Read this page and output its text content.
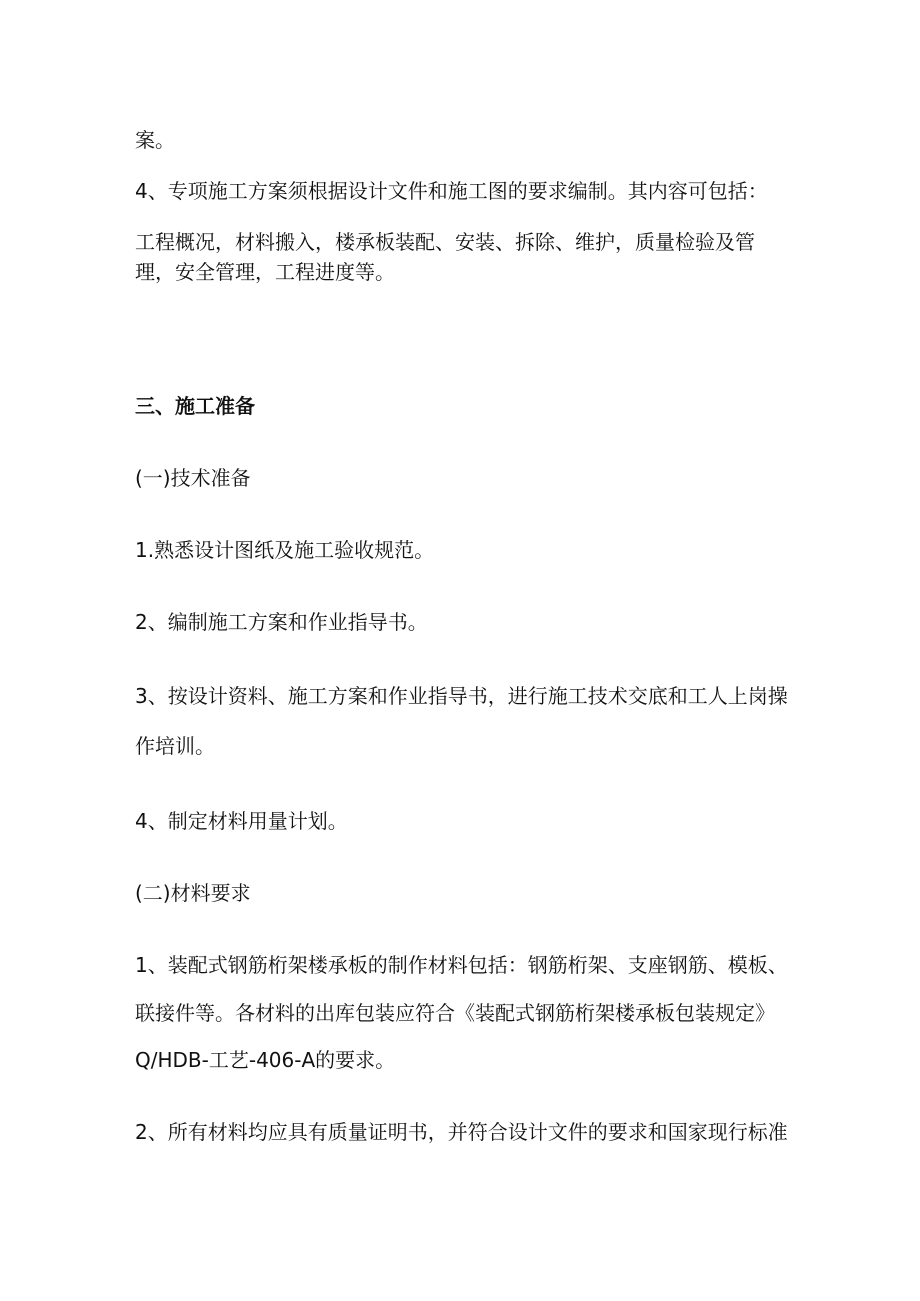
案。

4、专项施工方案须根据设计文件和施工图的要求编制。其内容可包括：

工程概况，材料搬入，楼承板装配、安装、拆除、维护，质量检验及管

理，安全管理，工程进度等。

三、施工准备

(一)技术准备

1.熟悉设计图纸及施工验收规范。

2、编制施工方案和作业指导书。

3、按设计资料、施工方案和作业指导书，进行施工技术交底和工人上岗操

作培训。

4、制定材料用量计划。

(二)材料要求

1、装配式钢筋桁架楼承板的制作材料包括：钢筋桁架、支座钢筋、模板、

联接件等。各材料的出库包装应符合《装配式钢筋桁架楼承板包装规定》

Q/HDB-工艺-406-A的要求。

2、所有材料均应具有质量证明书，并符合设计文件的要求和国家现行标准
